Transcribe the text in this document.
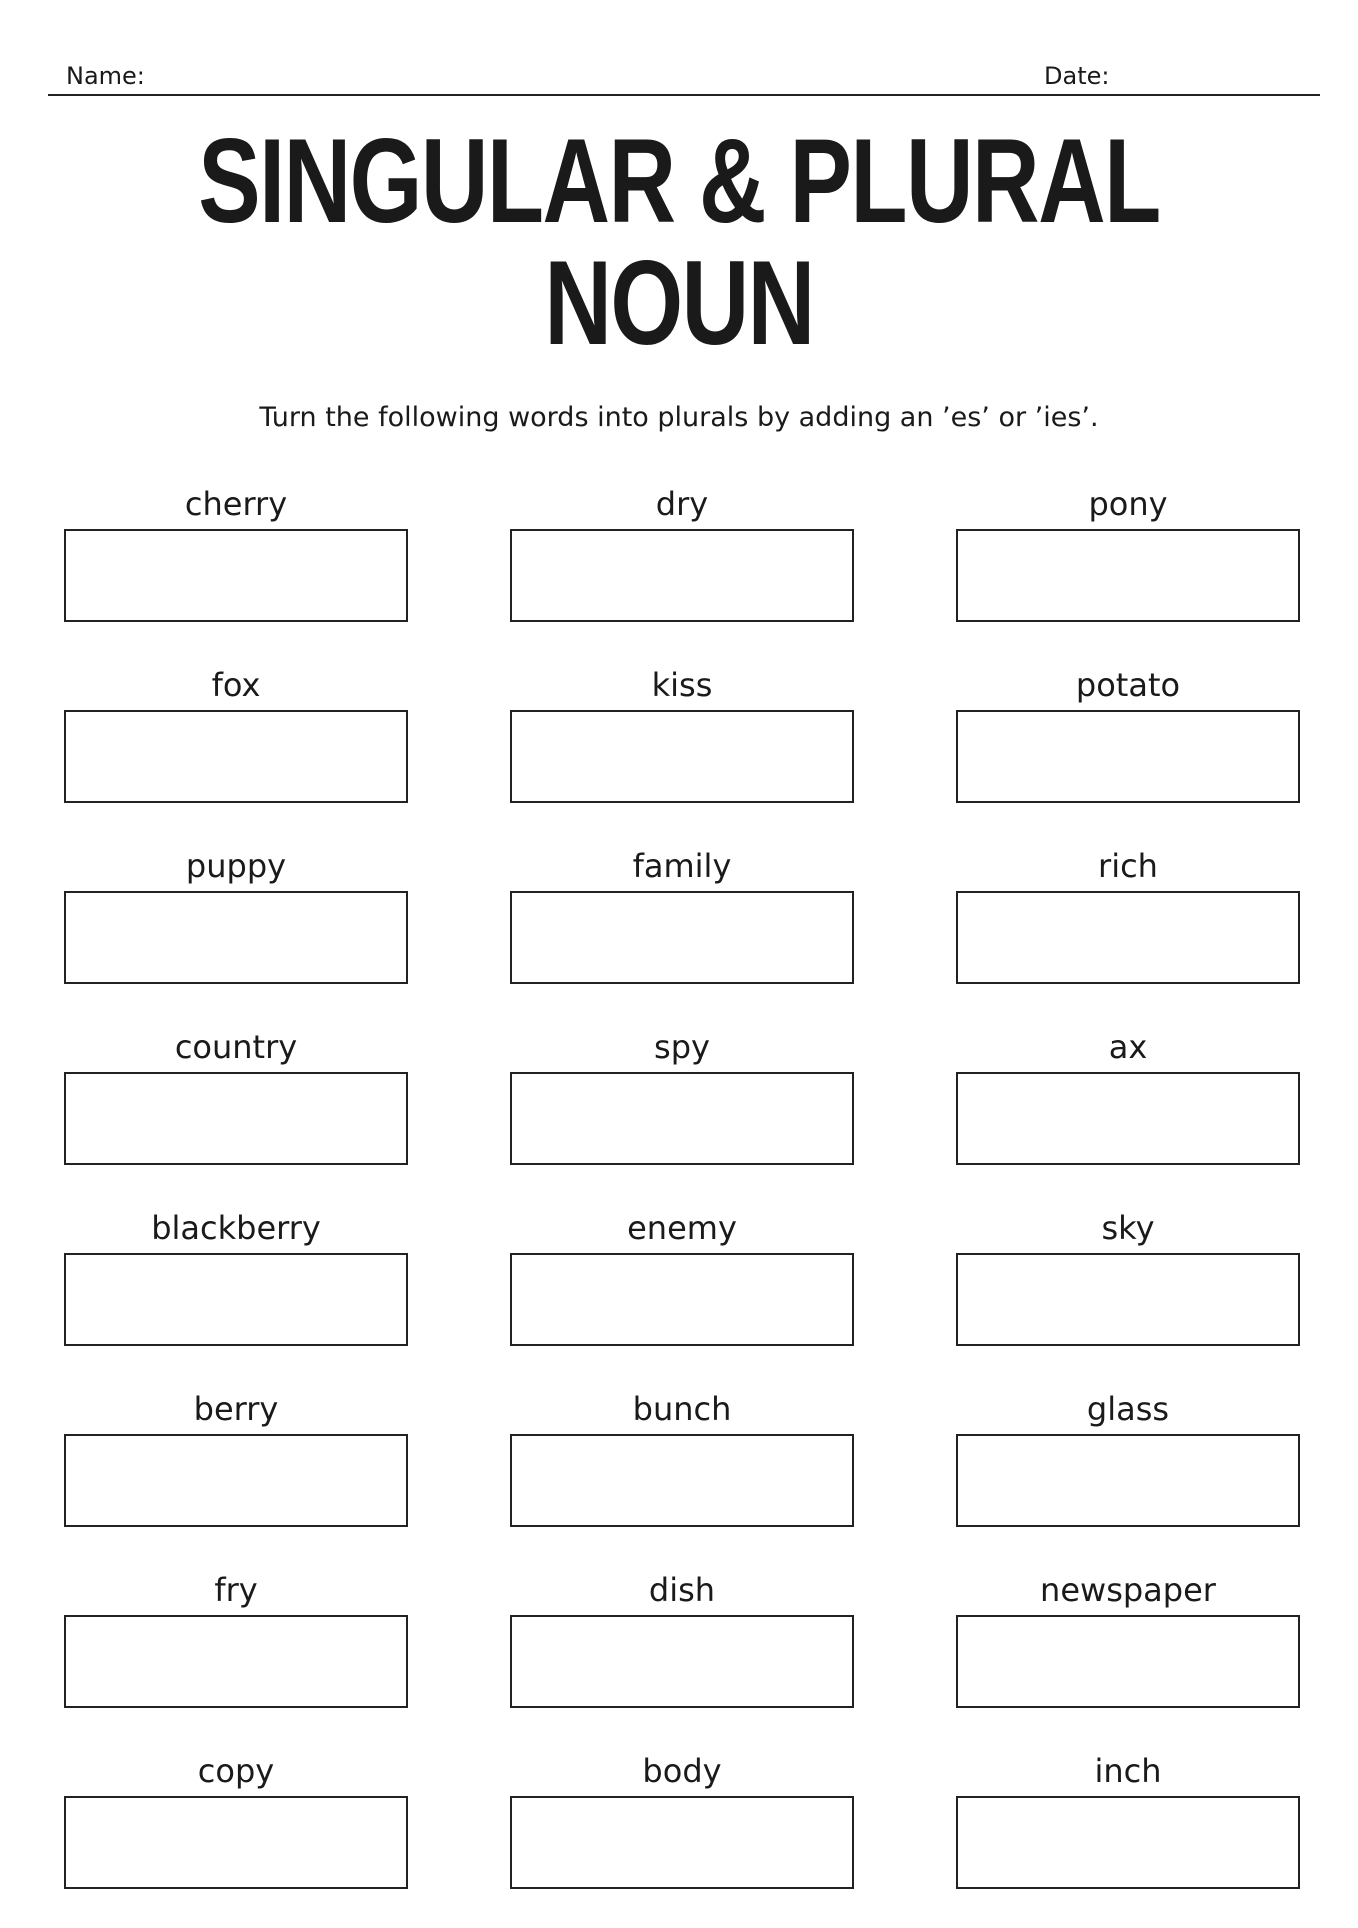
Name:	Date:
SINGULAR & PLURAL
NOUN
Turn the following words into plurals by adding an ’es’ or ’ies’.
cherry	dry	pony
fox	kiss	potato
puppy	family	rich
country	spy	ax
blackberry	enemy	sky
berry	bunch	glass
fry	dish	newspaper
copy	body	inch
